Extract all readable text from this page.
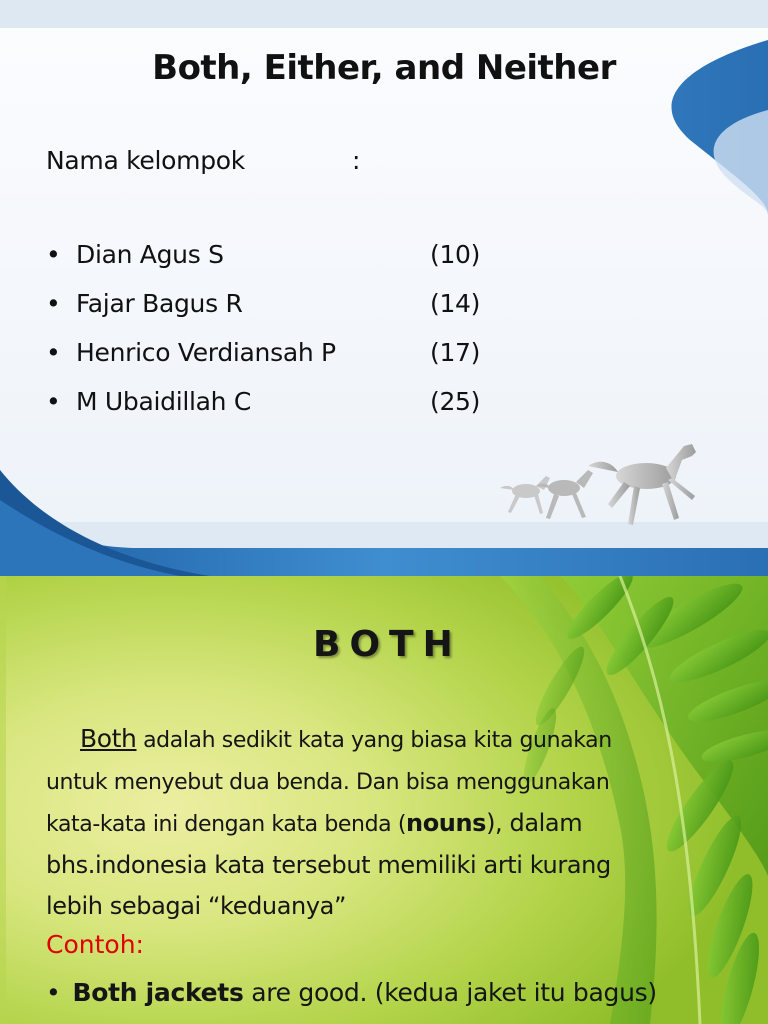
Both, Either, and Neither
Nama kelompok	:
• Dian Agus S	(10)
• Fajar Bagus R	(14)
• Henrico Verdiansah P	(17)
• M Ubaidillah C	(25)
BOTH
Both adalah sedikit kata yang biasa kita gunakan
untuk menyebut dua benda. Dan bisa menggunakan
kata-kata ini dengan kata benda (nouns), dalam
bhs.indonesia kata tersebut memiliki arti kurang
lebih sebagai “keduanya”
Contoh:
• Both jackets are good. (kedua jaket itu bagus)
